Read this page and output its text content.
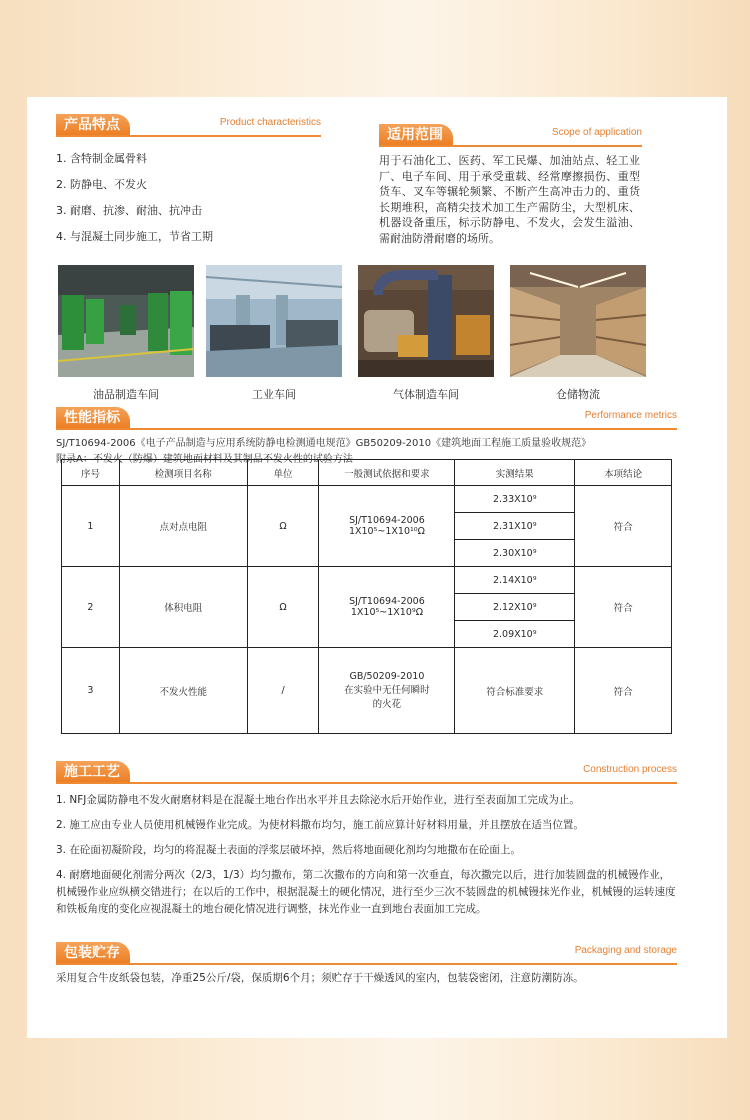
产品特点	Product characteristics
1. 含特制金属骨料
2. 防静电、不发火
3. 耐磨、抗渗、耐油、抗冲击
4. 与混凝土同步施工，节省工期
适用范围	Scope of application
用于石油化工、医药、军工民爆、加油站点、轻工业厂、电子车间、用于承受重载、经常摩擦损伤、重型货车、叉车等辗轮频繁、不断产生高冲击力的、重货长期堆积，高精尖技术加工生产需防尘，大型机床、机器设备重压，标示防静电、不发火，会发生溢油、需耐油防滑耐磨的场所。
油品制造车间	工业车间	气体制造车间	仓储物流
性能指标	Performance metrics
SJ/T10694-2006《电子产品制造与应用系统防静电检测通电规范》GB50209-2010《建筑地面工程施工质量验收规范》
附录A：不发火（防爆）建筑地面材料及其制品不发火性的试验方法
序号	检测项目名称	单位	一般测试依据和要求	实测结果	本项结论
1	点对点电阻	Ω	SJ/T10694-2006
1X10⁵~1X10¹⁰Ω	2.33X10⁹	符合
				2.31X10⁹	
				2.30X10⁹	
2	体积电阻	Ω	SJ/T10694-2006
1X10⁵~1X10⁹Ω	2.14X10⁹	符合
				2.12X10⁹	
				2.09X10⁹	
3	不发火性能	/	GB/50209-2010
在实验中无任何瞬时
的火花	符合标准要求	符合
施工工艺	Construction process

1. NFJ金属防静电不发火耐磨材料是在混凝土地台作出水平并且去除泌水后开始作业，进行至表面加工完成为止。

2. 施工应由专业人员使用机械镘作业完成。为使材料撒布均匀，施工前应算计好材料用量，并且摆放在适当位置。

3. 在砼面初凝阶段，均匀的将混凝土表面的浮浆层破坏掉，然后将地面硬化剂均匀地撒布在砼面上。

4. 耐磨地面硬化剂需分两次（2/3，1/3）均匀撒布，第二次撒布的方向和第一次垂直，每次撒完以后，进行加装圆盘的机械镘作业，机械镘作业应纵横交错进行；在以后的工作中，根据混凝土的硬化情况，进行至少三次不装圆盘的机械镘抹光作业，机械镘的运转速度和铁板角度的变化应视混凝土的地台硬化情况进行调整，抹光作业一直到地台表面加工完成。

包装贮存	Packaging and storage
采用复合牛皮纸袋包装，净重25公斤/袋，保质期6个月；须贮存于干燥透风的室内，包装袋密闭，注意防潮防冻。
